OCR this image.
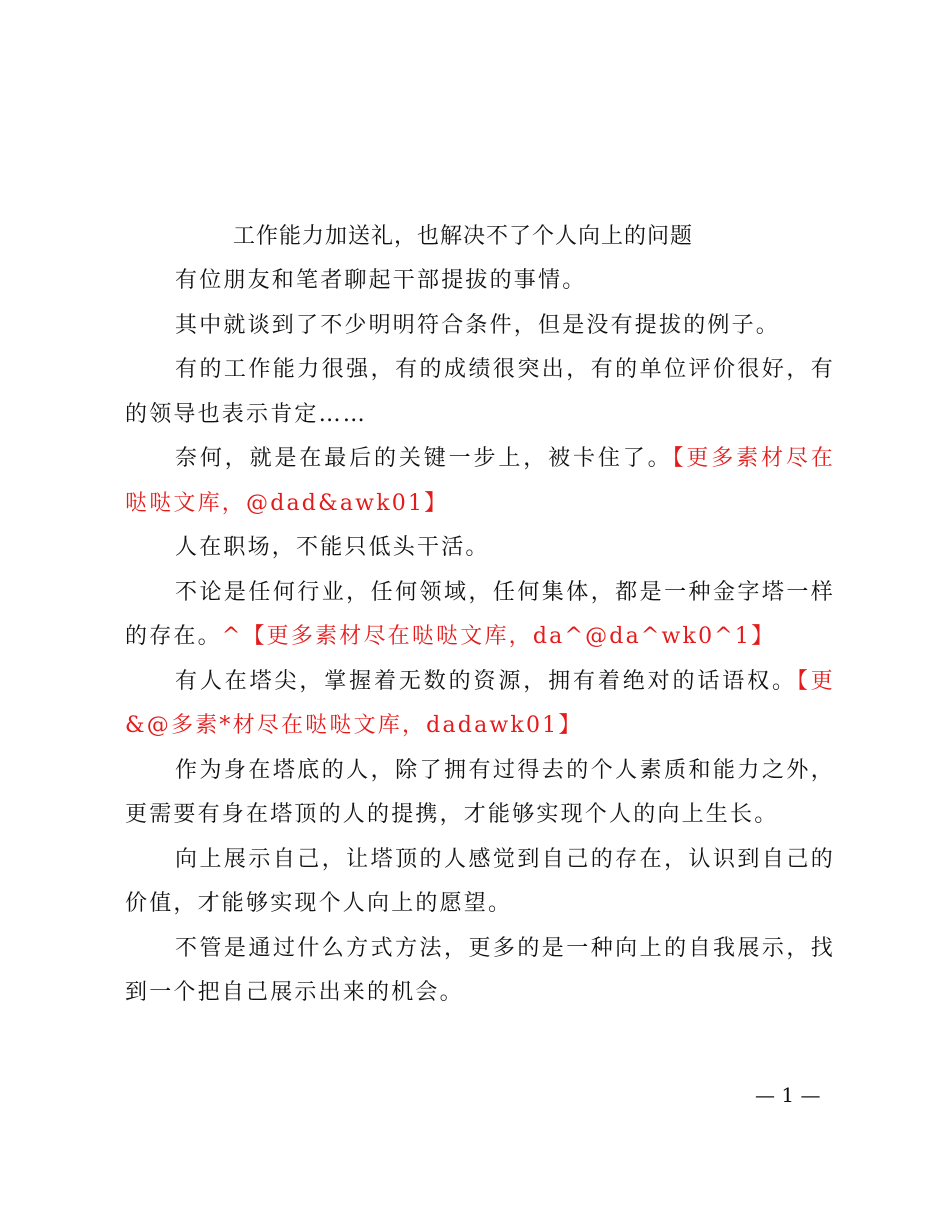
工作能力加送礼，也解决不了个人向上的问题

有位朋友和笔者聊起干部提拔的事情。

其中就谈到了不少明明符合条件，但是没有提拔的例子。

有的工作能力很强，有的成绩很突出，有的单位评价很好，有的领导也表示肯定……

奈何，就是在最后的关键一步上，被卡住了。【更多素材尽在哒哒文库，@dad&awk01】

人在职场，不能只低头干活。

不论是任何行业，任何领域，任何集体，都是一种金字塔一样的存在。^【更多素材尽在哒哒文库，da^@da^wk0^1】

有人在塔尖，掌握着无数的资源，拥有着绝对的话语权。【更&@多素*材尽在哒哒文库，dadawk01】

作为身在塔底的人，除了拥有过得去的个人素质和能力之外，更需要有身在塔顶的人的提携，才能够实现个人的向上生长。

向上展示自己，让塔顶的人感觉到自己的存在，认识到自己的价值，才能够实现个人向上的愿望。

不管是通过什么方式方法，更多的是一种向上的自我展示，找到一个把自己展示出来的机会。

— 1 —
